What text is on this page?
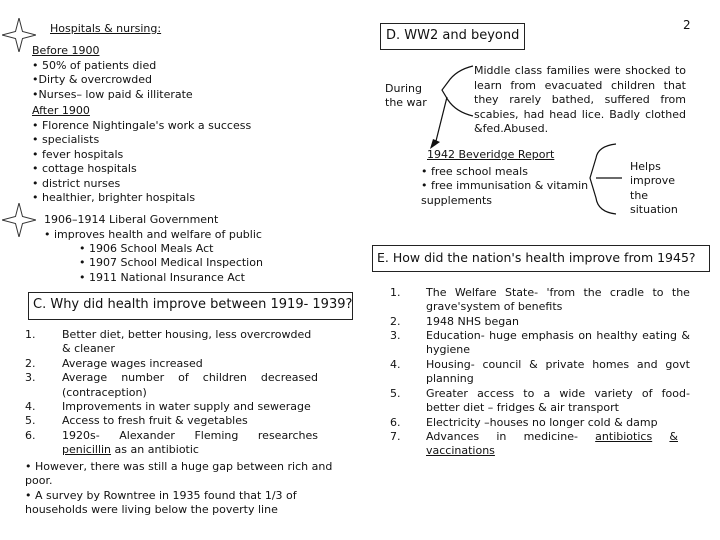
2
Hospitals & nursing:
Before 1900
• 50% of patients died
•Dirty & overcrowded
•Nurses– low paid & illiterate
After 1900
• Florence Nightingale's work a success
• specialists
• fever hospitals
• cottage hospitals
• district nurses
• healthier, brighter hospitals
1906–1914 Liberal Government
• improves health and welfare of public
• 1906 School Meals Act
• 1907 School Medical Inspection
• 1911 National Insurance Act
C. Why did health improve between 1919- 1939?
1.
2.
3.
4.
5.
6.
Better diet, better housing, less overcrowded
& cleaner
Average wages increased
Average number of children decreased
(contraception)
Improvements in water supply and sewerage
Access to fresh fruit & vegetables
1920s- Alexander Fleming researches
penicillin as an antibiotic
• However, there was still a huge gap between rich and
poor.
• A survey by Rowntree in 1935 found that 1/3 of
households were living below the poverty line
D. WW2 and beyond
During
the war
Middle class families were shocked to
learn from evacuated children that
they rarely bathed, suffered from
scabies, had head lice. Badly clothed
& fed. Abused.
1942 Beveridge Report
• free school meals
• free immunisation & vitamin
supplements
Helps
improve
the
situation
E. How did the nation's health improve from 1945?
1.
2.
3.
4.
5.
6.
7.
The Welfare State- 'from the cradle to the
grave'system of benefits
1948 NHS began
Education- huge emphasis on healthy eating &
hygiene
Housing- council & private homes and govt
planning
Greater access to a wide variety of food-
better diet – fridges & air transport
Electricity –houses no longer cold & damp
Advances in medicine- antibiotics &
vaccinations
